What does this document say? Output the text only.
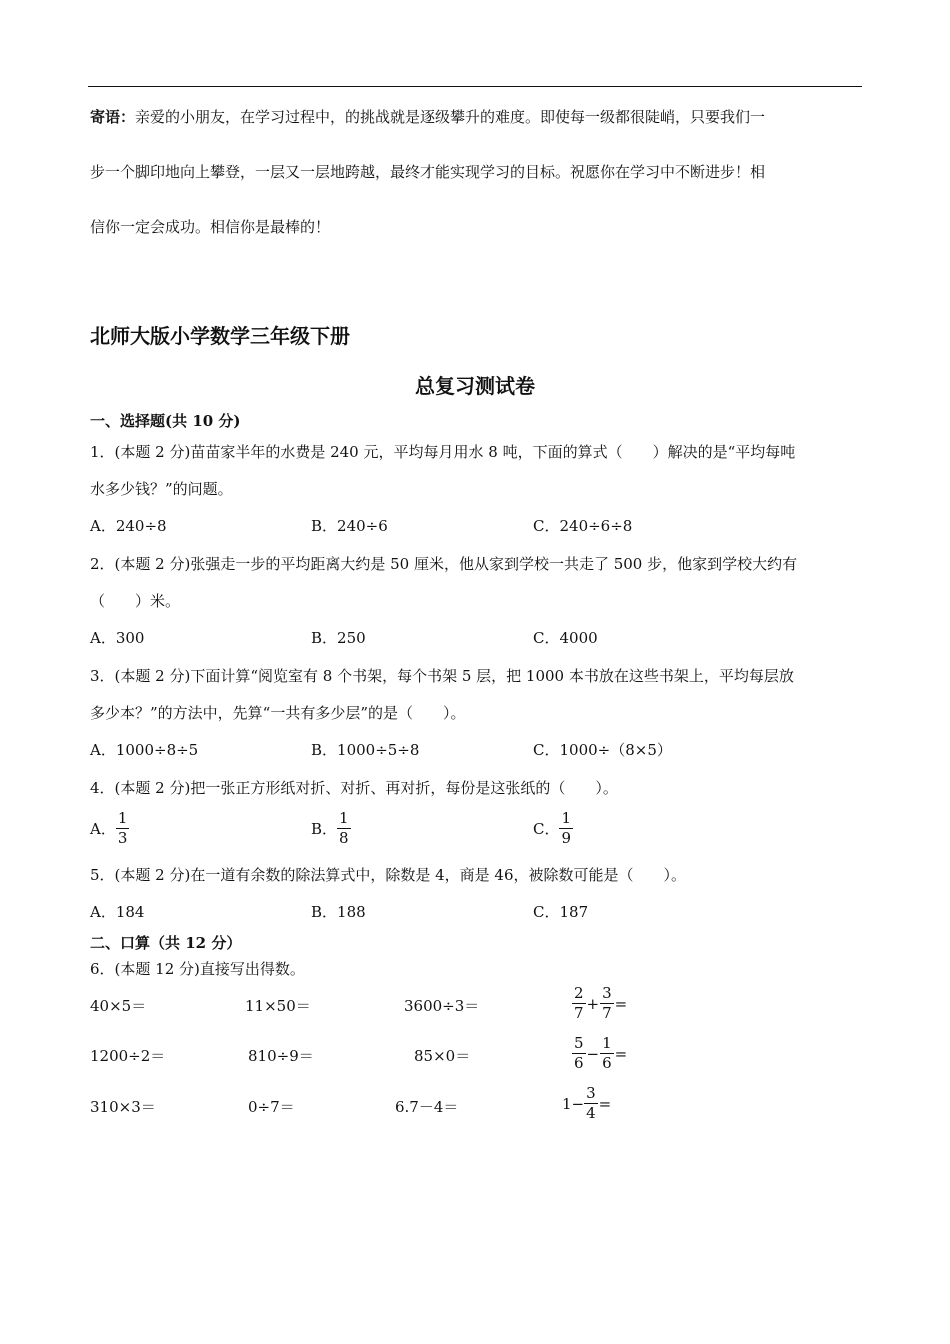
寄语：亲爱的小朋友，在学习过程中，的挑战就是逐级攀升的难度。即使每一级都很陡峭，只要我们一
步一个脚印地向上攀登，一层又一层地跨越，最终才能实现学习的目标。祝愿你在学习中不断进步！相
信你一定会成功。相信你是最棒的！
北师大版小学数学三年级下册
总复习测试卷
一、选择题(共 10 分)
1．(本题 2 分)苗苗家半年的水费是 240 元，平均每月用水 8 吨，下面的算式（　　）解决的是“平均每吨
水多少钱？”的问题。
A．240÷8	B．240÷6	C．240÷6÷8
2．(本题 2 分)张强走一步的平均距离大约是 50 厘米，他从家到学校一共走了 500 步，他家到学校大约有
（　　）米。
A．300	B．250	C．4000
3．(本题 2 分)下面计算“阅览室有 8 个书架，每个书架 5 层，把 1000 本书放在这些书架上，平均每层放
多少本？”的方法中，先算“一共有多少层”的是（　　）。
A．1000÷8÷5	B．1000÷5÷8	C．1000÷（8×5）
4．(本题 2 分)把一张正方形纸对折、对折、再对折，每份是这张纸的（　　）。
A． $\frac{1}{3}$	B． $\frac{1}{8}$	C． $\frac{1}{9}$
5．(本题 2 分)在一道有余数的除法算式中，除数是 4，商是 46，被除数可能是（　　）。
A．184	B．188	C．187
二、口算（共 12 分）
6．(本题 12 分)直接写出得数。
40×5＝	11×50＝	3600÷3＝	$\frac{2}{7} + \frac{3}{7}$ =
1200÷2＝	810÷9＝	85×0＝	$\frac{5}{6} - \frac{1}{6}$ =
310×3＝	0÷7＝	6.7－4＝	$1- \frac{3}{4}$ =
